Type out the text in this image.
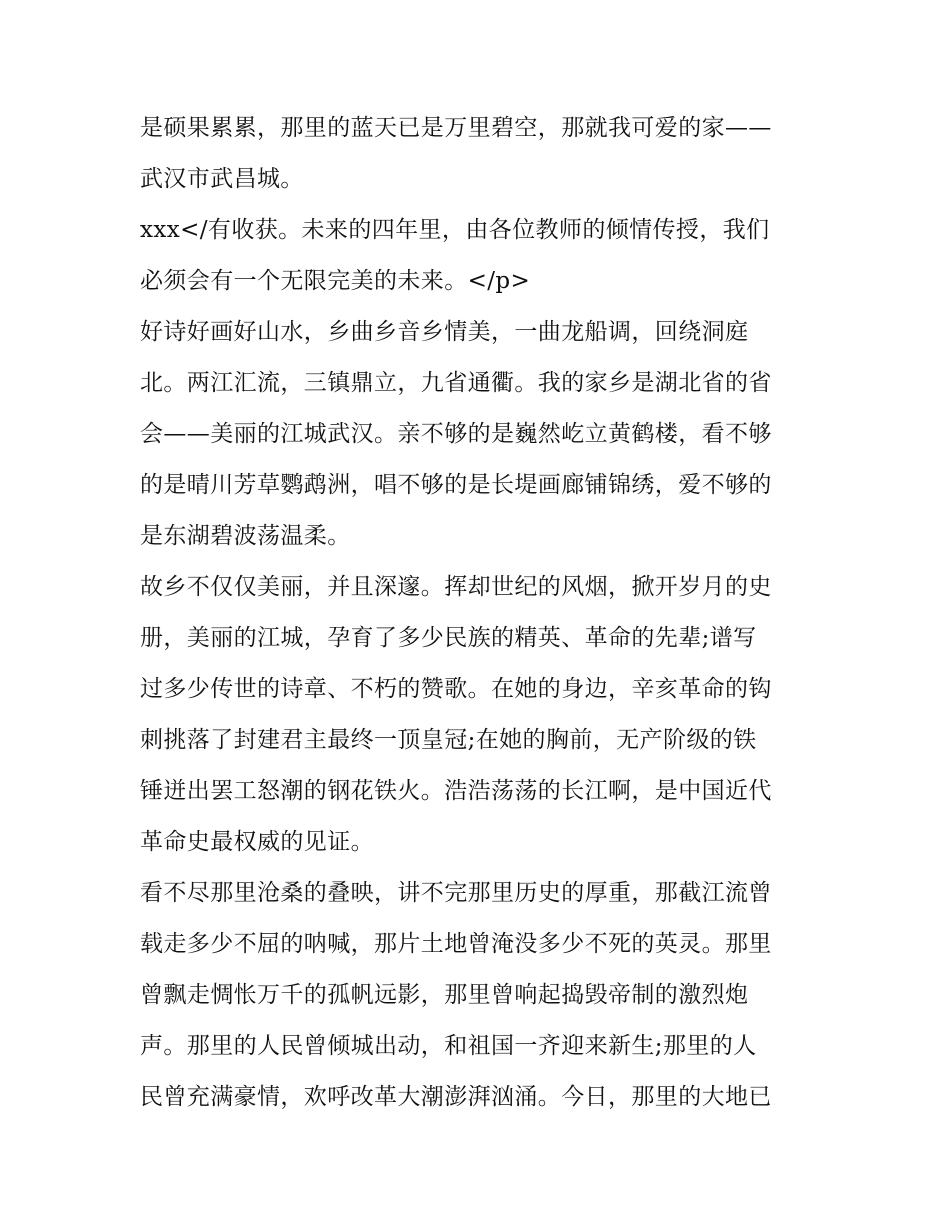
是硕果累累，那里的蓝天已是万里碧空，那就我可爱的家——
武汉市武昌城。

xxx</有收获。未来的四年里，由各位教师的倾情传授，我们
必须会有一个无限完美的未来。</p>

好诗好画好山水，乡曲乡音乡情美，一曲龙船调，回绕洞庭
北。两江汇流，三镇鼎立，九省通衢。我的家乡是湖北省的省
会——美丽的江城武汉。亲不够的是巍然屹立黄鹤楼，看不够
的是晴川芳草鹦鹉洲，唱不够的是长堤画廊铺锦绣，爱不够的
是东湖碧波荡温柔。

故乡不仅仅美丽，并且深邃。挥却世纪的风烟，掀开岁月的史
册，美丽的江城，孕育了多少民族的精英、革命的先辈;谱写
过多少传世的诗章、不朽的赞歌。在她的身边，辛亥革命的钩
刺挑落了封建君主最终一顶皇冠;在她的胸前，无产阶级的铁
锤迸出罢工怒潮的钢花铁火。浩浩荡荡的长江啊，是中国近代
革命史最权威的见证。

看不尽那里沧桑的叠映，讲不完那里历史的厚重，那截江流曾
载走多少不屈的呐喊，那片土地曾淹没多少不死的英灵。那里
曾飘走惆怅万千的孤帆远影，那里曾响起捣毁帝制的激烈炮
声。那里的人民曾倾城出动，和祖国一齐迎来新生;那里的人
民曾充满豪情，欢呼改革大潮澎湃汹涌。今日，那里的大地已
